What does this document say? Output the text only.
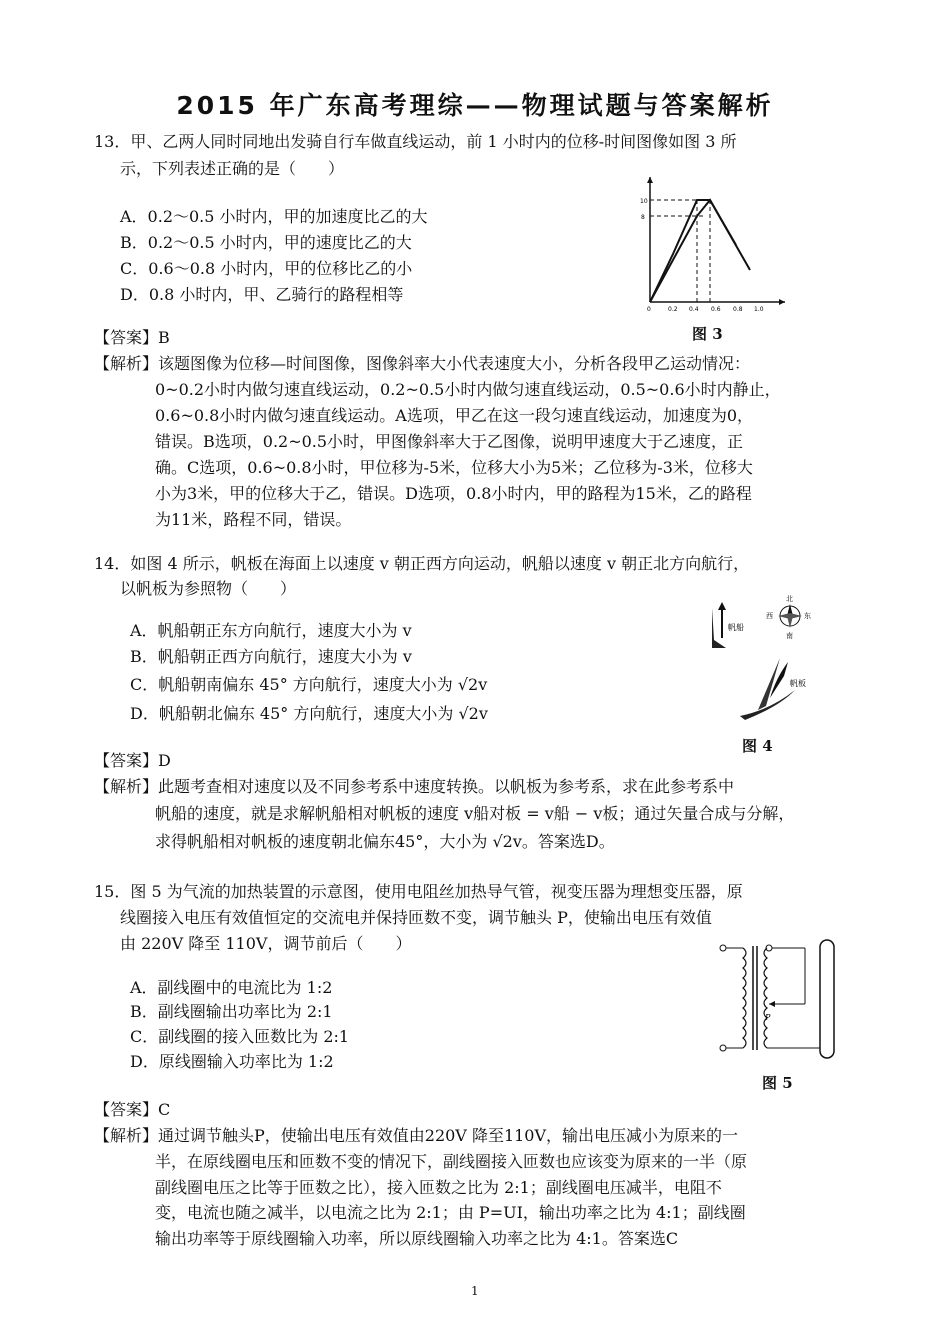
2015 年广东高考理综——物理试题与答案解析
13．甲、乙两人同时同地出发骑自行车做直线运动，前 1 小时内的位移-时间图像如图 3 所
示，下列表述正确的是（　　）
A．0.2～0.5 小时内，甲的加速度比乙的大
B．0.2～0.5 小时内，甲的速度比乙的大
C．0.6～0.8 小时内，甲的位移比乙的小
D．0.8 小时内，甲、乙骑行的路程相等
10
8
0	0.2 0.4 0.6 0.8 1.0
图 3
【答案】B
【解析】该题图像为位移—时间图像，图像斜率大小代表速度大小，分析各段甲乙运动情况：
0~0.2小时内做匀速直线运动，0.2~0.5小时内做匀速直线运动，0.5~0.6小时内静止，
0.6~0.8小时内做匀速直线运动。A选项，甲乙在这一段匀速直线运动，加速度为0，
错误。B选项，0.2~0.5小时，甲图像斜率大于乙图像，说明甲速度大于乙速度，正
确。C选项，0.6~0.8小时，甲位移为-5米，位移大小为5米；乙位移为-3米，位移大
小为3米，甲的位移大于乙，错误。D选项，0.8小时内，甲的路程为15米，乙的路程
为11米，路程不同，错误。
14．如图 4 所示，帆板在海面上以速度 v 朝正西方向运动，帆船以速度 v 朝正北方向航行，
以帆板为参照物（　　）
A．帆船朝正东方向航行，速度大小为 v
B．帆船朝正西方向航行，速度大小为 v
C．帆船朝南偏东 45° 方向航行，速度大小为 √2v
D．帆船朝北偏东 45° 方向航行，速度大小为 √2v
帆船
北
南
东
西
帆板
图 4
【答案】D
【解析】此题考查相对速度以及不同参考系中速度转换。以帆板为参考系，求在此参考系中
帆船的速度，就是求解帆船相对帆板的速度 v船对板 = v船 − v板；通过矢量合成与分解，
求得帆船相对帆板的速度朝北偏东45°，大小为 √2v。答案选D。
15．图 5 为气流的加热装置的示意图，使用电阻丝加热导气管，视变压器为理想变压器，原
线圈接入电压有效值恒定的交流电并保持匝数不变，调节触头 P，使输出电压有效值
由 220V 降至 110V，调节前后（　　）
A．副线圈中的电流比为 1:2
B．副线圈输出功率比为 2:1
C．副线圈的接入匝数比为 2:1
D．原线圈输入功率比为 1:2
P
图 5
【答案】C
【解析】通过调节触头P，使输出电压有效值由220V 降至110V，输出电压减小为原来的一
半，在原线圈电压和匝数不变的情况下，副线圈接入匝数也应该变为原来的一半（原
副线圈电压之比等于匝数之比），接入匝数之比为 2:1；副线圈电压减半，电阻不
变，电流也随之减半，以电流之比为 2:1；由 P=UI，输出功率之比为 4:1；副线圈
输出功率等于原线圈输入功率，所以原线圈输入功率之比为 4:1。答案选C
1
